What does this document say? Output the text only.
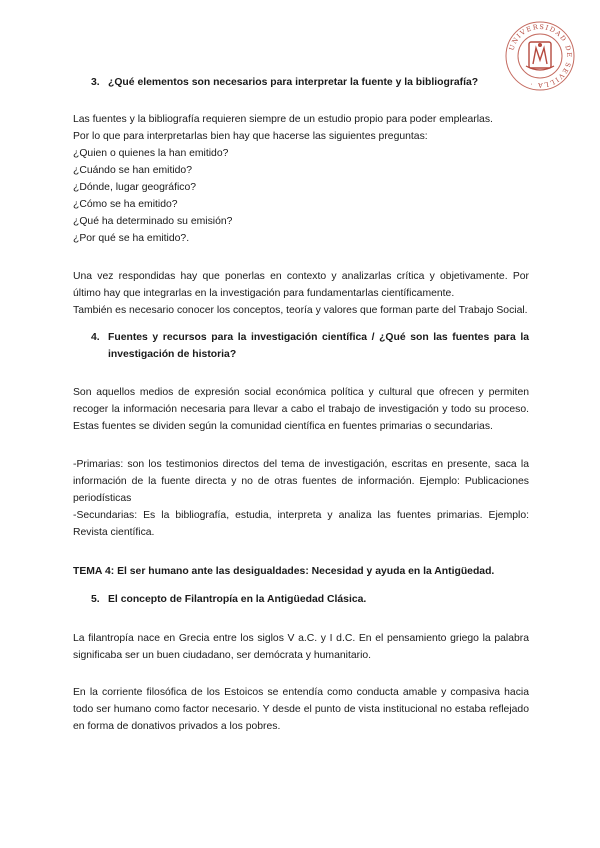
UNIVERSIDAD DE SEVILLA ·
3. ¿Qué elementos son necesarios para interpretar la fuente y la bibliografía?

Las fuentes y la bibliografía requieren siempre de un estudio propio para poder emplearlas.

Por lo que para interpretarlas bien hay que hacerse las siguientes preguntas:

¿Quien o quienes la han emitido?

¿Cuándo se han emitido?

¿Dónde, lugar geográfico?

¿Cómo se ha emitido?

¿Qué ha determinado su emisión?

¿Por qué se ha emitido?.

Una vez respondidas hay que ponerlas en contexto y analizarlas crítica y objetivamente. Por último hay que integrarlas en la investigación para fundamentarlas científicamente.

También es necesario conocer los conceptos, teoría y valores que forman parte del Trabajo Social.

4. Fuentes y recursos para la investigación científica / ¿Qué son las fuentes para la investigación de historia?

Son aquellos medios de expresión social económica política y cultural que ofrecen y permiten recoger la información necesaria para llevar a cabo el trabajo de investigación y todo su proceso. Estas fuentes se dividen según la comunidad científica en fuentes primarias o secundarias.

-Primarias: son los testimonios directos del tema de investigación, escritas en presente, saca la información de la fuente directa y no de otras fuentes de información. Ejemplo: Publicaciones periodísticas

-Secundarias: Es la bibliografía, estudia, interpreta y analiza las fuentes primarias. Ejemplo: Revista científica.

TEMA 4: El ser humano ante las desigualdades: Necesidad y ayuda en la Antigüedad.

5. El concepto de Filantropía en la Antigüedad Clásica.

La filantropía nace en Grecia entre los siglos V a.C. y I d.C. En el pensamiento griego la palabra significaba ser un buen ciudadano, ser demócrata y humanitario.

En la corriente filosófica de los Estoicos se entendía como conducta amable y compasiva hacia todo ser humano como factor necesario. Y desde el punto de vista institucional no estaba reflejado en forma de donativos privados a los pobres.
